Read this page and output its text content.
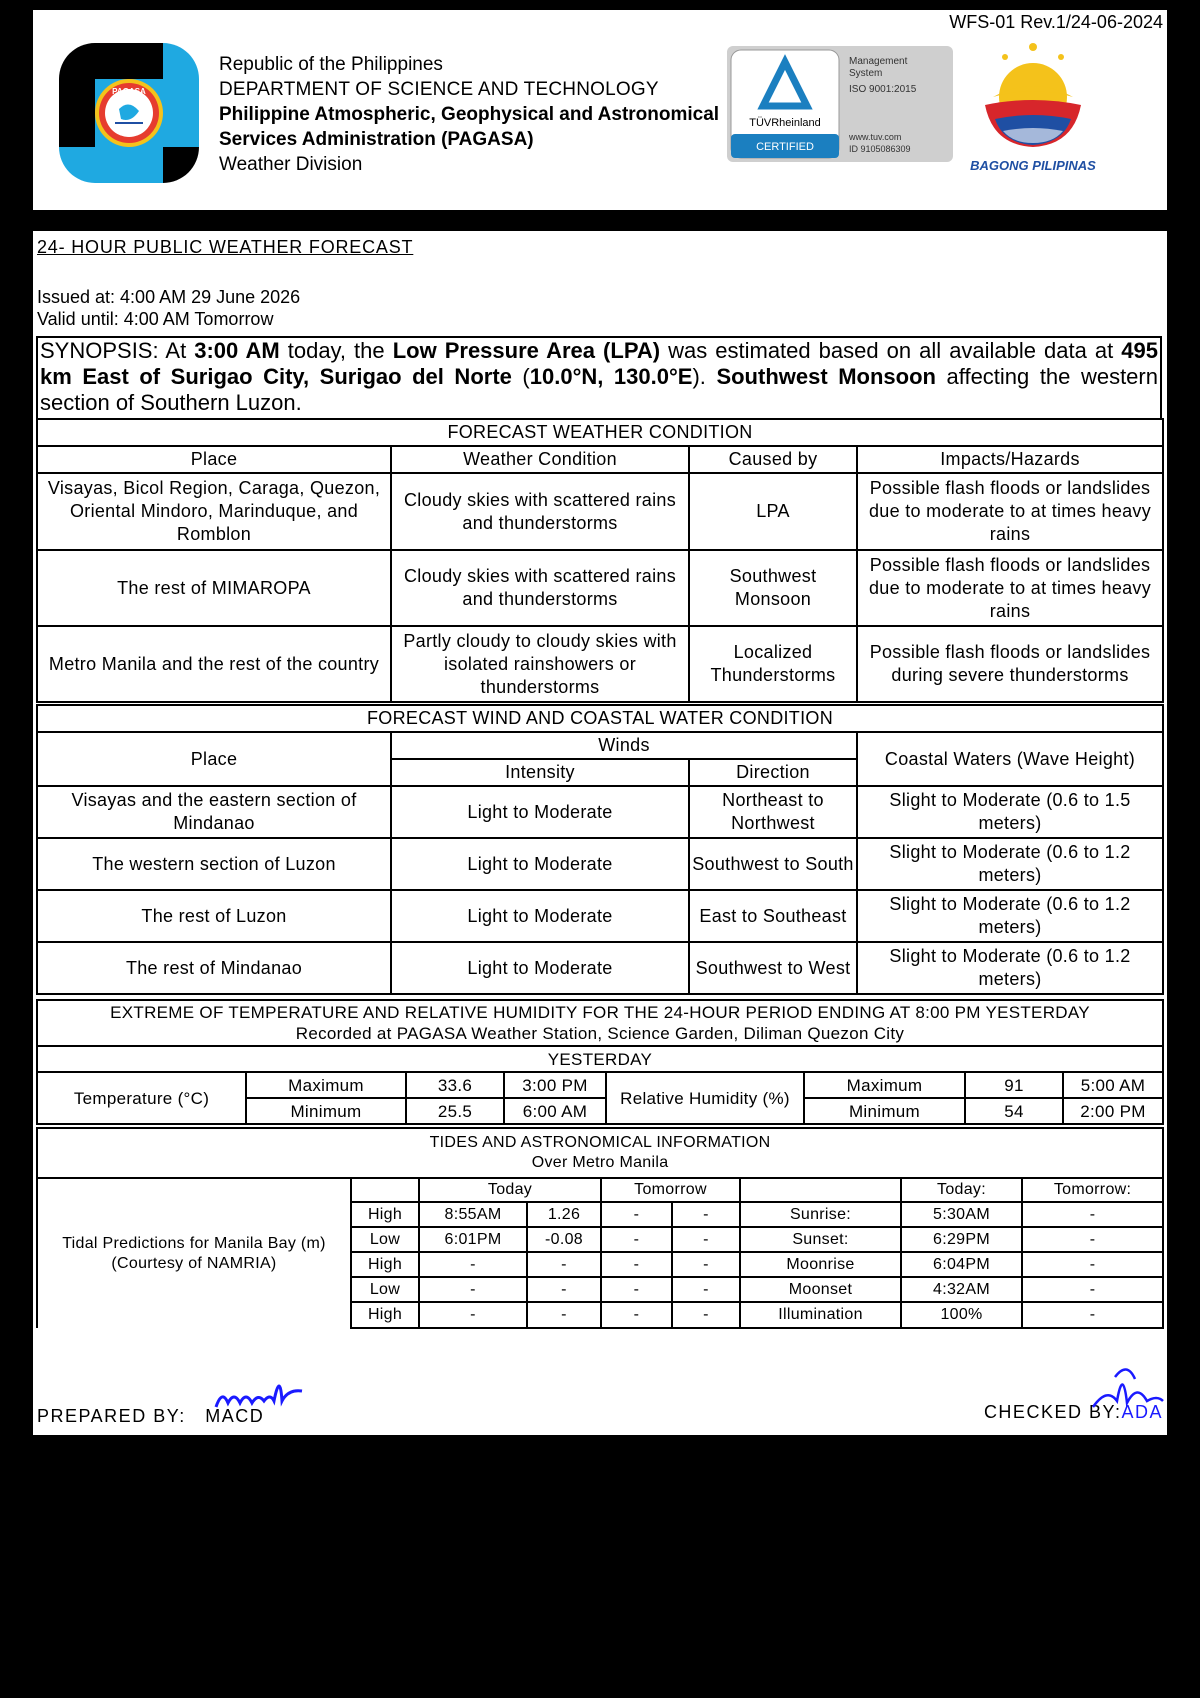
WFS-01 Rev.1/24-06-2024
PAGASA
Republic of the Philippines
DEPARTMENT OF SCIENCE AND TECHNOLOGY
Philippine Atmospheric, Geophysical and Astronomical
Services Administration (PAGASA)
Weather Division
TÜVRheinland
CERTIFIED
Management
System
ISO 9001:2015
www.tuv.com
ID 9105086309
BAGONG PILIPINAS
24- HOUR PUBLIC WEATHER FORECAST
Issued at: 4:00 AM 29 June 2026
Valid until: 4:00 AM Tomorrow
SYNOPSIS: At 3:00 AM today, the Low Pressure Area (LPA) was estimated based on all available data at 495 km East of Surigao City, Surigao del Norte (10.0°N, 130.0°E). Southwest Monsoon affecting the western section of Southern Luzon.
FORECAST WEATHER CONDITION			
Place	Weather Condition	Caused by	Impacts/Hazards
Visayas, Bicol Region, Caraga, Quezon, Oriental Mindoro, Marinduque, and Romblon	Cloudy skies with scattered rains and thunderstorms	LPA	Possible flash floods or landslides due to moderate to at times heavy rains
The rest of MIMAROPA	Cloudy skies with scattered rains and thunderstorms	Southwest Monsoon	Possible flash floods or landslides due to moderate to at times heavy rains
Metro Manila and the rest of the country	Partly cloudy to cloudy skies with isolated rainshowers or thunderstorms	Localized Thunderstorms	Possible flash floods or landslides during severe thunderstorms
FORECAST WIND AND COASTAL WATER CONDITION			
Place	Winds		Coastal Waters (Wave Height)
	Intensity	Direction	
Visayas and the eastern section of Mindanao	Light to Moderate	Northeast to Northwest	Slight to Moderate (0.6 to 1.5 meters)
The western section of Luzon	Light to Moderate	Southwest to South	Slight to Moderate (0.6 to 1.2 meters)
The rest of Luzon	Light to Moderate	East to Southeast	Slight to Moderate (0.6 to 1.2 meters)
The rest of Mindanao	Light to Moderate	Southwest to West	Slight to Moderate (0.6 to 1.2 meters)
EXTREME OF TEMPERATURE AND RELATIVE HUMIDITY FOR THE 24-HOUR PERIOD ENDING AT 8:00 PM YESTERDAY
Recorded at PAGASA Weather Station, Science Garden, Diliman Quezon City							

YESTERDAY							
Temperature (°C)	Maximum	33.6	3:00 PM	Relative Humidity (%)	Maximum	91	5:00 AM
	Minimum	25.5	6:00 AM		Minimum	54	2:00 PM
TIDES AND ASTRONOMICAL INFORMATION
Over Metro Manila								

Tidal Predictions for Manila Bay (m) (Courtesy of NAMRIA)		Today		Tomorrow			Today:	Tomorrow:
	High	8:55AM	1.26	-	-	Sunrise:	5:30AM	-
	Low	6:01PM	-0.08	-	-	Sunset:	6:29PM	-
	High	-	-	-	-	Moonrise	6:04PM	-
	Low	-	-	-	-	Moonset	4:32AM	-
	High	-	-	-	-	Illumination	100%	-
PREPARED BY: MACD	CHECKED BY:ADA
